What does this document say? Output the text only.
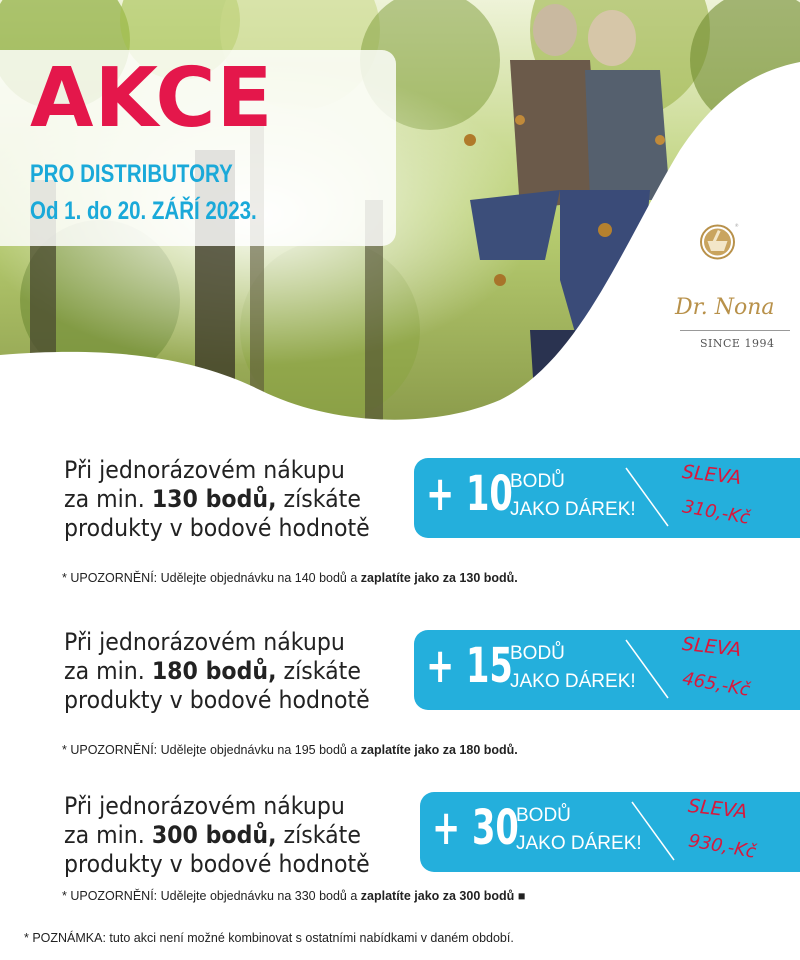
AKCE
PRO DISTRIBUTORY
Od 1. do 20. ZÁŘÍ 2023.
®
Dr. Nona
SINCE 1994
Při jednorázovém nákupu
za min. 130 bodů, získáte
produkty v bodové hodnotě
+ 10
BODŮ
JAKO DÁREK!
SLEVA
310,-Kč
* UPOZORNĚNÍ: Udělejte objednávku na 140 bodů a zaplatíte jako za 130 bodů.
Při jednorázovém nákupu
za min. 180 bodů, získáte
produkty v bodové hodnotě
+ 15
BODŮ
JAKO DÁREK!
SLEVA
465,-Kč
* UPOZORNĚNÍ: Udělejte objednávku na 195 bodů a zaplatíte jako za 180 bodů.
Při jednorázovém nákupu
za min. 300 bodů, získáte
produkty v bodové hodnotě
+ 30
BODŮ
JAKO DÁREK!
SLEVA
930,-Kč
* UPOZORNĚNÍ: Udělejte objednávku na 330 bodů a zaplatíte jako za 300 bodů ■
* POZNÁMKA: tuto akci není možné kombinovat s ostatními nabídkami v daném období.
